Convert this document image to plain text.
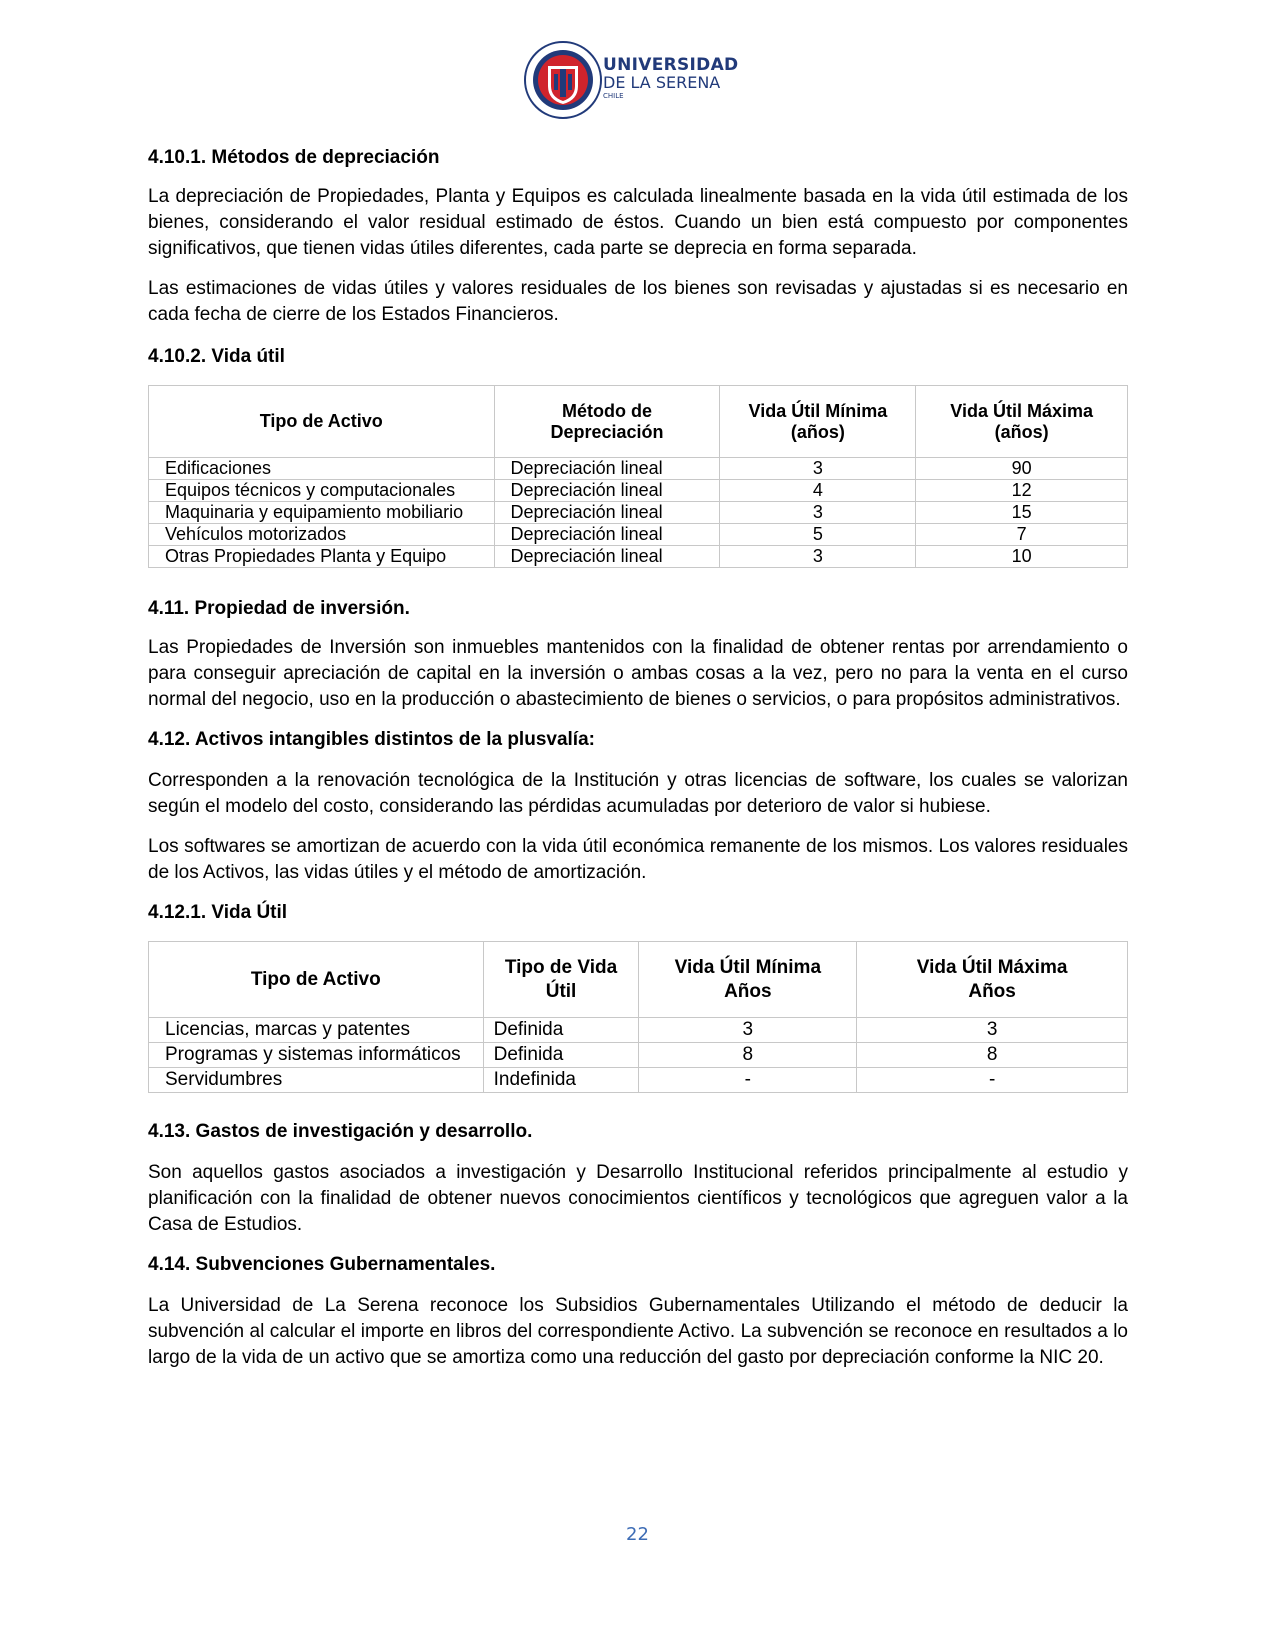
UNIVERSIDAD
DE LA SERENA
CHILE
4.10.1. Métodos de depreciación

La depreciación de Propiedades, Planta y Equipos es calculada linealmente basada en la vida útil estimada de los bienes, considerando el valor residual estimado de éstos. Cuando un bien está compuesto por componentes significativos, que tienen vidas útiles diferentes, cada parte se deprecia en forma separada.

Las estimaciones de vidas útiles y valores residuales de los bienes son revisadas y ajustadas si es necesario en cada fecha de cierre de los Estados Financieros.

4.10.2. Vida útil
Tipo de Activo	Método de Depreciación	Vida Útil Mínima (años)	Vida Útil Máxima (años)
Edificaciones	Depreciación lineal	3	90
Equipos técnicos y computacionales	Depreciación lineal	4	12
Maquinaria y equipamiento mobiliario	Depreciación lineal	3	15
Vehículos motorizados	Depreciación lineal	5	7
Otras Propiedades Planta y Equipo	Depreciación lineal	3	10
4.11. Propiedad de inversión.

Las Propiedades de Inversión son inmuebles mantenidos con la finalidad de obtener rentas por arrendamiento o para conseguir apreciación de capital en la inversión o ambas cosas a la vez, pero no para la venta en el curso normal del negocio, uso en la producción o abastecimiento de bienes o servicios, o para propósitos administrativos.

4.12. Activos intangibles distintos de la plusvalía:

Corresponden a la renovación tecnológica de la Institución y otras licencias de software, los cuales se valorizan según el modelo del costo, considerando las pérdidas acumuladas por deterioro de valor si hubiese.

Los softwares se amortizan de acuerdo con la vida útil económica remanente de los mismos. Los valores residuales de los Activos, las vidas útiles y el método de amortización.

4.12.1. Vida Útil
Tipo de Activo	Tipo de Vida Útil	Vida Útil Mínima Años	Vida Útil Máxima Años
Licencias, marcas y patentes	Definida	3	3
Programas y sistemas informáticos	Definida	8	8
Servidumbres	Indefinida	-	-
4.13. Gastos de investigación y desarrollo.

Son aquellos gastos asociados a investigación y Desarrollo Institucional referidos principalmente al estudio y planificación con la finalidad de obtener nuevos conocimientos científicos y tecnológicos que agreguen valor a la Casa de Estudios.

4.14. Subvenciones Gubernamentales.

La Universidad de La Serena reconoce los Subsidios Gubernamentales Utilizando el método de deducir la subvención al calcular el importe en libros del correspondiente Activo. La subvención se reconoce en resultados a lo largo de la vida de un activo que se amortiza como una reducción del gasto por depreciación conforme la NIC 20.

22
